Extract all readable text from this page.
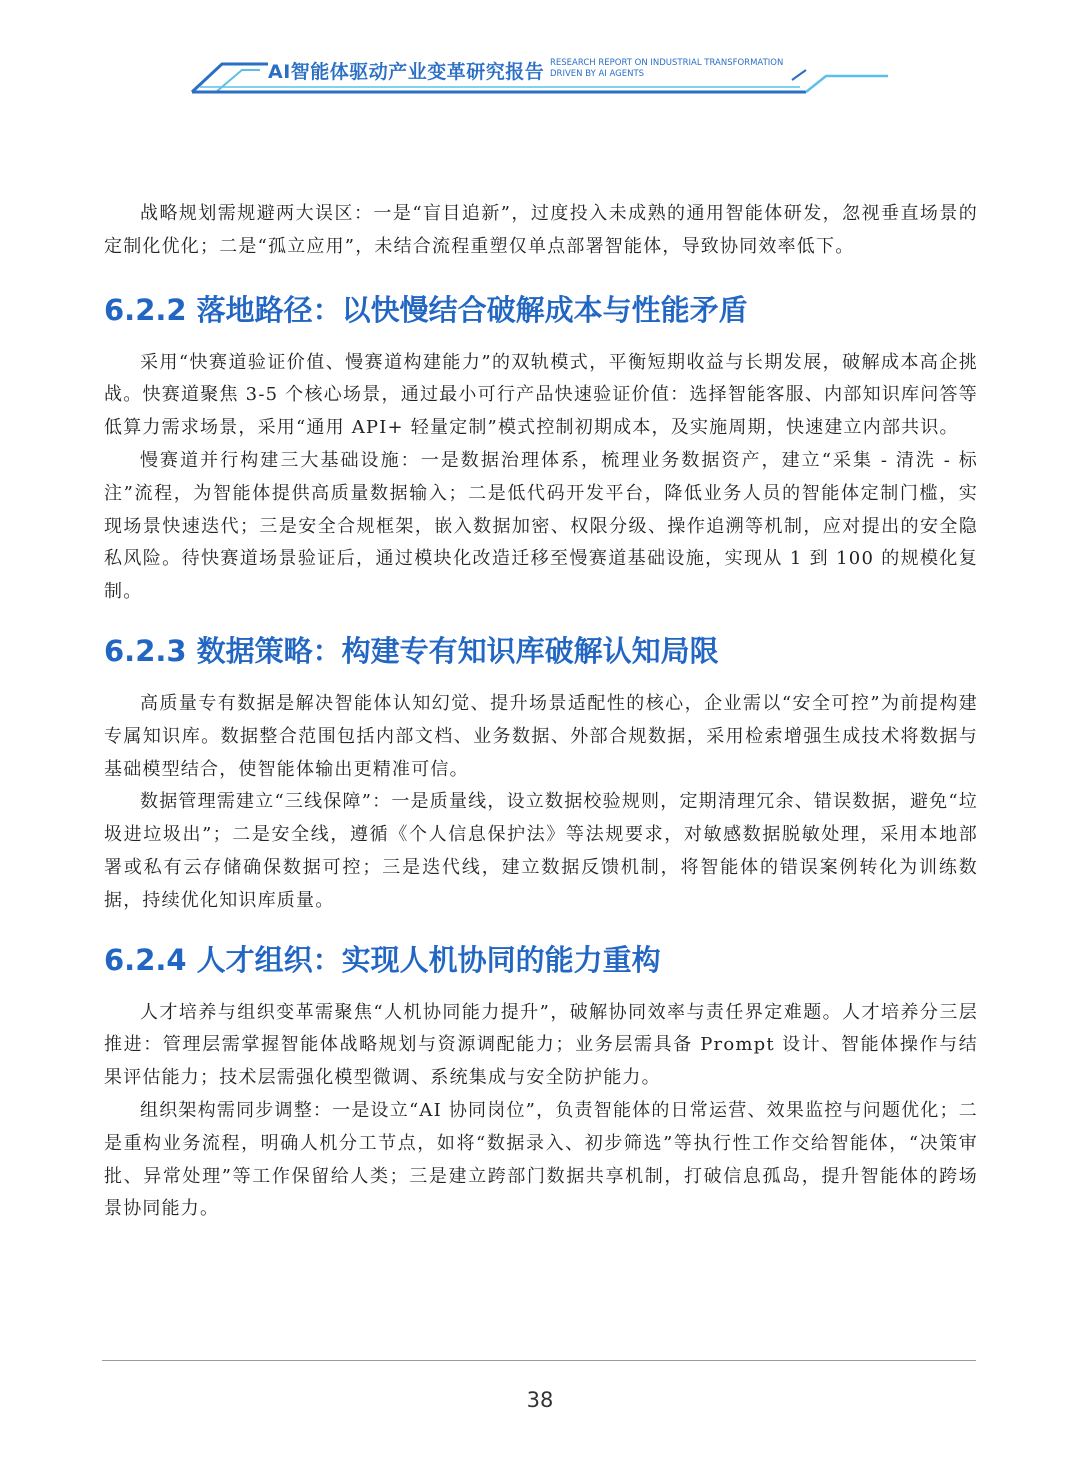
AI智能体驱动产业变革研究报告 RESEARCH REPORT ON INDUSTRIAL TRANSFORMATION
DRIVEN BY AI AGENTS

战略规划需规避两大误区：一是“盲目追新”，过度投入未成熟的通用智能体研发，忽视垂直场景的定制化优化；二是“孤立应用”，未结合流程重塑仅单点部署智能体，导致协同效率低下。

6.2.2 落地路径：以快慢结合破解成本与性能矛盾

采用“快赛道验证价值、慢赛道构建能力”的双轨模式，平衡短期收益与长期发展，破解成本高企挑战。快赛道聚焦 3-5 个核心场景，通过最小可行产品快速验证价值：选择智能客服、内部知识库问答等低算力需求场景，采用“通用 API+ 轻量定制”模式控制初期成本，及实施周期，快速建立内部共识。

慢赛道并行构建三大基础设施：一是数据治理体系，梳理业务数据资产，建立“采集 - 清洗 - 标注”流程，为智能体提供高质量数据输入；二是低代码开发平台，降低业务人员的智能体定制门槛，实现场景快速迭代；三是安全合规框架，嵌入数据加密、权限分级、操作追溯等机制，应对提出的安全隐私风险。待快赛道场景验证后，通过模块化改造迁移至慢赛道基础设施，实现从 1 到 100 的规模化复制。

6.2.3 数据策略：构建专有知识库破解认知局限

高质量专有数据是解决智能体认知幻觉、提升场景适配性的核心，企业需以“安全可控”为前提构建专属知识库。数据整合范围包括内部文档、业务数据、外部合规数据，采用检索增强生成技术将数据与基础模型结合，使智能体输出更精准可信。

数据管理需建立“三线保障”：一是质量线，设立数据校验规则，定期清理冗余、错误数据，避免“垃圾进垃圾出”；二是安全线，遵循《个人信息保护法》等法规要求，对敏感数据脱敏处理，采用本地部署或私有云存储确保数据可控；三是迭代线，建立数据反馈机制，将智能体的错误案例转化为训练数据，持续优化知识库质量。

6.2.4 人才组织：实现人机协同的能力重构

人才培养与组织变革需聚焦“人机协同能力提升”，破解协同效率与责任界定难题。人才培养分三层推进：管理层需掌握智能体战略规划与资源调配能力；业务层需具备 Prompt 设计、智能体操作与结果评估能力；技术层需强化模型微调、系统集成与安全防护能力。

组织架构需同步调整：一是设立“AI 协同岗位”，负责智能体的日常运营、效果监控与问题优化；二是重构业务流程，明确人机分工节点，如将“数据录入、初步筛选”等执行性工作交给智能体，“决策审批、异常处理”等工作保留给人类；三是建立跨部门数据共享机制，打破信息孤岛，提升智能体的跨场景协同能力。

38
